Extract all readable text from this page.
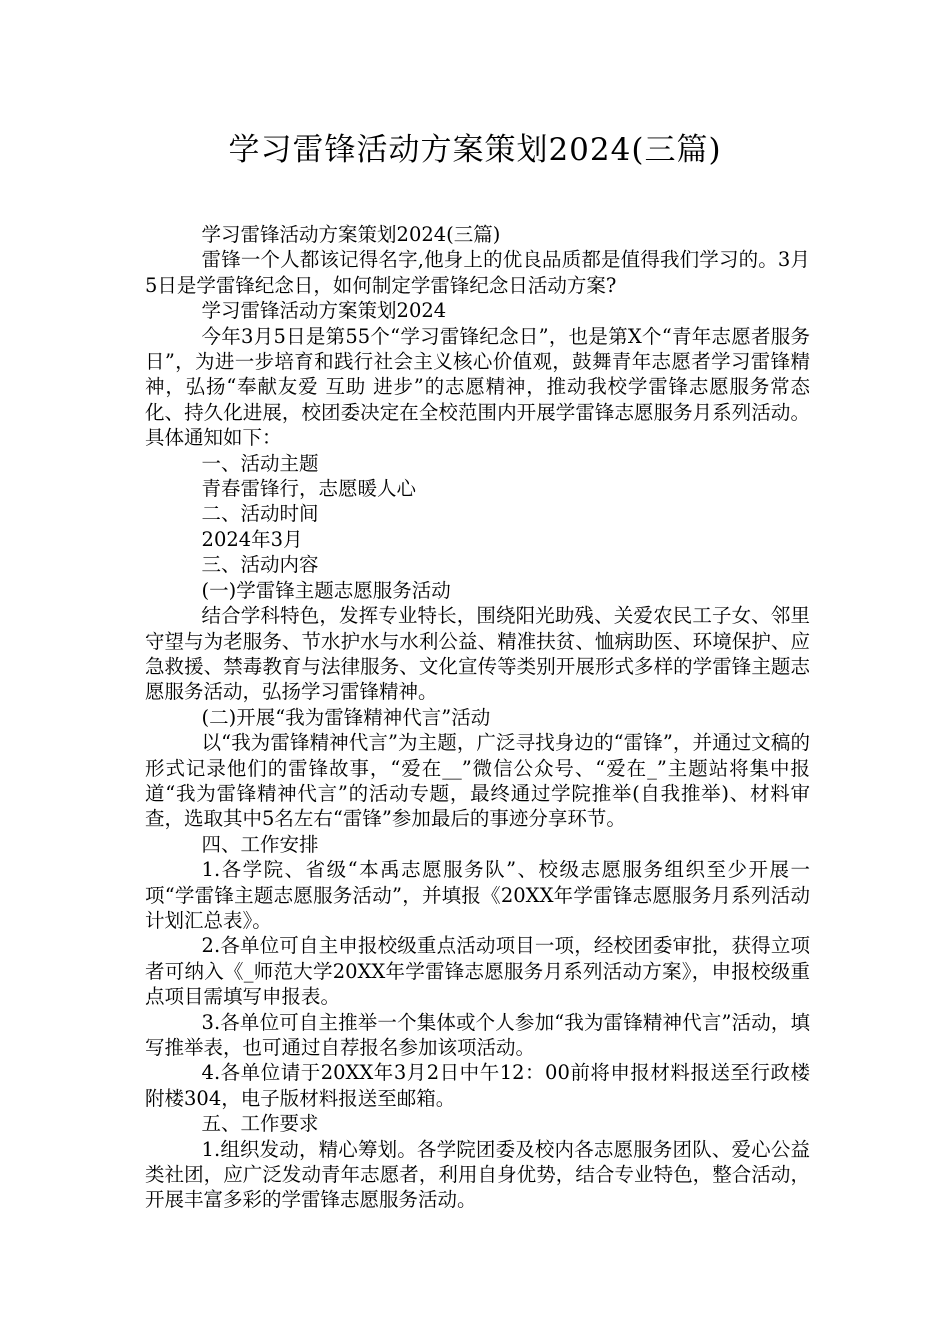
学习雷锋活动方案策划2024(三篇)

学习雷锋活动方案策划2024(三篇)

雷锋一个人都该记得名字,他身上的优良品质都是值得我们学习的。3月5日是学雷锋纪念日，如何制定学雷锋纪念日活动方案?

学习雷锋活动方案策划2024

今年3月5日是第55个“学习雷锋纪念日”，也是第X个“青年志愿者服务日”，为进一步培育和践行社会主义核心价值观，鼓舞青年志愿者学习雷锋精神，弘扬“奉献友爱 互助 进步”的志愿精神，推动我校学雷锋志愿服务常态化、持久化进展，校团委决定在全校范围内开展学雷锋志愿服务月系列活动。具体通知如下：

一、活动主题

青春雷锋行，志愿暖人心

二、活动时间

2024年3月

三、活动内容

(一)学雷锋主题志愿服务活动

结合学科特色，发挥专业特长，围绕阳光助残、关爱农民工子女、邻里守望与为老服务、节水护水与水利公益、精准扶贫、恤病助医、环境保护、应急救援、禁毒教育与法律服务、文化宣传等类别开展形式多样的学雷锋主题志愿服务活动，弘扬学习雷锋精神。

(二)开展“我为雷锋精神代言”活动

以“我为雷锋精神代言”为主题，广泛寻找身边的“雷锋”，并通过文稿的形式记录他们的雷锋故事，“爱在__”微信公众号、“爱在_”主题站将集中报道“我为雷锋精神代言”的活动专题，最终通过学院推举(自我推举)、材料审查，选取其中5名左右“雷锋”参加最后的事迹分享环节。

四、工作安排

1.各学院、省级“本禹志愿服务队”、校级志愿服务组织至少开展一项“学雷锋主题志愿服务活动”，并填报《20XX年学雷锋志愿服务月系列活动计划汇总表》。

2.各单位可自主申报校级重点活动项目一项，经校团委审批，获得立项者可纳入《_师范大学20XX年学雷锋志愿服务月系列活动方案》，申报校级重点项目需填写申报表。

3.各单位可自主推举一个集体或个人参加“我为雷锋精神代言”活动，填写推举表，也可通过自荐报名参加该项活动。

4.各单位请于20XX年3月2日中午12：00前将申报材料报送至行政楼附楼304，电子版材料报送至邮箱。

五、工作要求

1.组织发动，精心筹划。各学院团委及校内各志愿服务团队、爱心公益类社团，应广泛发动青年志愿者，利用自身优势，结合专业特色，整合活动，开展丰富多彩的学雷锋志愿服务活动。
